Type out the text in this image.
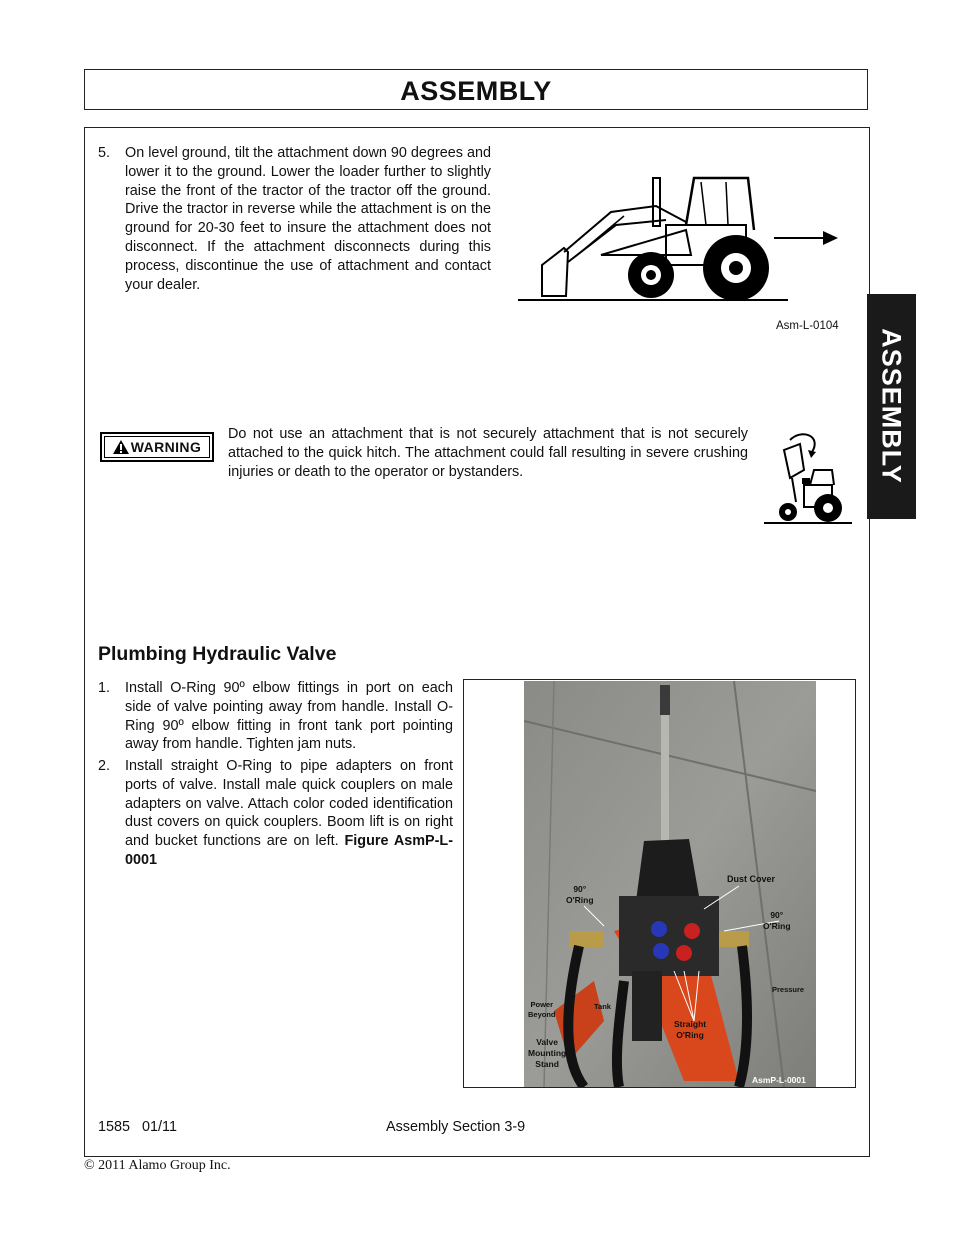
ASSEMBLY
ASSEMBLY
5. On level ground, tilt the attachment down 90 degrees and lower it to the ground. Lower the loader further to slightly raise the front of the tractor of the tractor off the ground. Drive the tractor in reverse while the attachment is on the ground for 20-30 feet to insure the attachment does not disconnect. If the attachment disconnects during this process, discontinue the use of attachment and contact your dealer.
Asm-L-0104
WARNING
Do not use an attachment that is not securely attachment that is not securely attached to the quick hitch. The attachment could fall resulting in severe crushing injuries or death to the operator or bystanders.
Plumbing Hydraulic Valve
1. Install O-Ring 90º elbow fittings in port on each side of valve pointing away from handle. Install O-Ring 90º elbow fitting in front tank port pointing away from handle. Tighten jam nuts.
2. Install straight O-Ring to pipe adapters on front ports of valve. Install male quick couplers on male adapters on valve. Attach color coded identification dust covers on quick couplers. Boom lift is on right and bucket functions are on left. Figure AsmP-L-0001
90°
O'Ring
Dust Cover
90°
O'Ring
Pressure
Power
Beyond
Tank
Straight
O'Ring
Valve
Mounting
Stand
AsmP-L-0001
1585   01/11	Assembly Section 3-9
© 2011 Alamo Group Inc.
